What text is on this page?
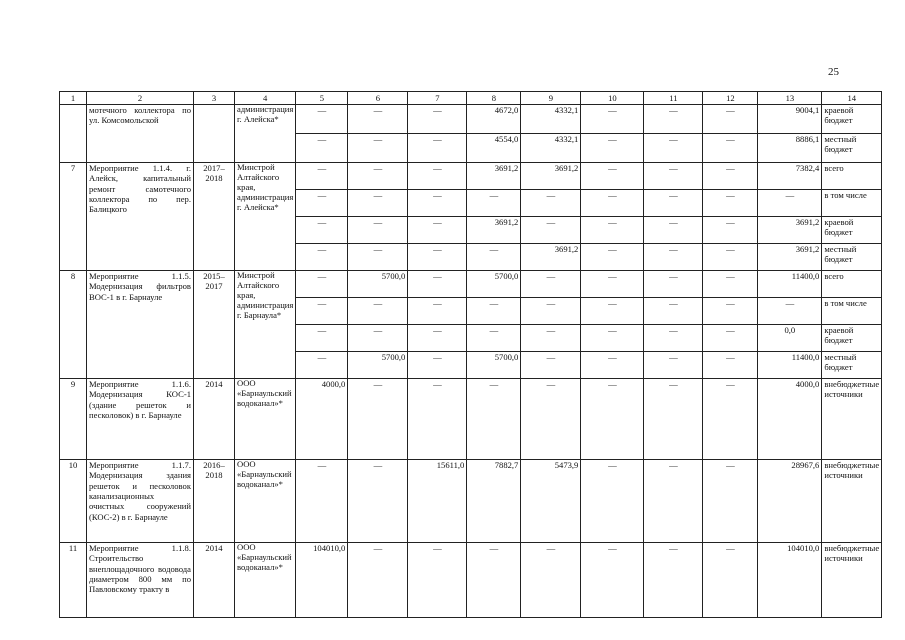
25
1	2	3	4	5	6	7	8	9	10	11	12	13	14
	мотечного коллектора по ул. Комсомольской		администрация г. Алейска*	—	—	—	4672,0	4332,1	—	—	—	9004,1	краевой бюджет
				—	—	—	4554,0	4332,1	—	—	—	8886,1	местный бюджет
7	Мероприятие 1.1.4. г. Алейск, капитальный ремонт самотечного коллектора по пер. Балицкого	2017–2018	Минстрой Алтайского края, администрация г. Алейска*	—	—	—	3691,2	3691,2	—	—	—	7382,4	всего
				—	—	—	—	—	—	—	—	—	в том числе
				—	—	—	3691,2	—	—	—	—	3691,2	краевой бюджет
				—	—	—	—	3691,2	—	—	—	3691,2	местный бюджет
8	Мероприятие 1.1.5. Модернизация фильтров ВОС-1 в г. Барнауле	2015–2017	Минстрой Алтайского края, администрация г. Барнаула*	—	5700,0	—	5700,0	—	—	—	—	11400,0	всего
				—	—	—	—	—	—	—	—	—	в том числе
				—	—	—	—	—	—	—	—	0,0	краевой бюджет
				—	5700,0	—	5700,0	—	—	—	—	11400,0	местный бюджет
9	Мероприятие 1.1.6. Модернизация КОС-1 (здание решеток и песколовок) в г. Барнауле	2014	ООО «Барнаульский водоканал»*	4000,0	—	—	—	—	—	—	—	4000,0	внебюджетные источники
10	Мероприятие 1.1.7. Модернизация здания решеток и песколовок канализационных очистных сооружений (КОС-2) в г. Барнауле	2016–2018	ООО «Барнаульский водоканал»*	—	—	15611,0	7882,7	5473,9	—	—	—	28967,6	внебюджетные источники
11	Мероприятие 1.1.8. Строительство внеплощадочного водовода диаметром 800 мм по Павловскому тракту в	2014	ООО «Барнаульский водоканал»*	104010,0	—	—	—	—	—	—	—	104010,0	внебюджетные источники
